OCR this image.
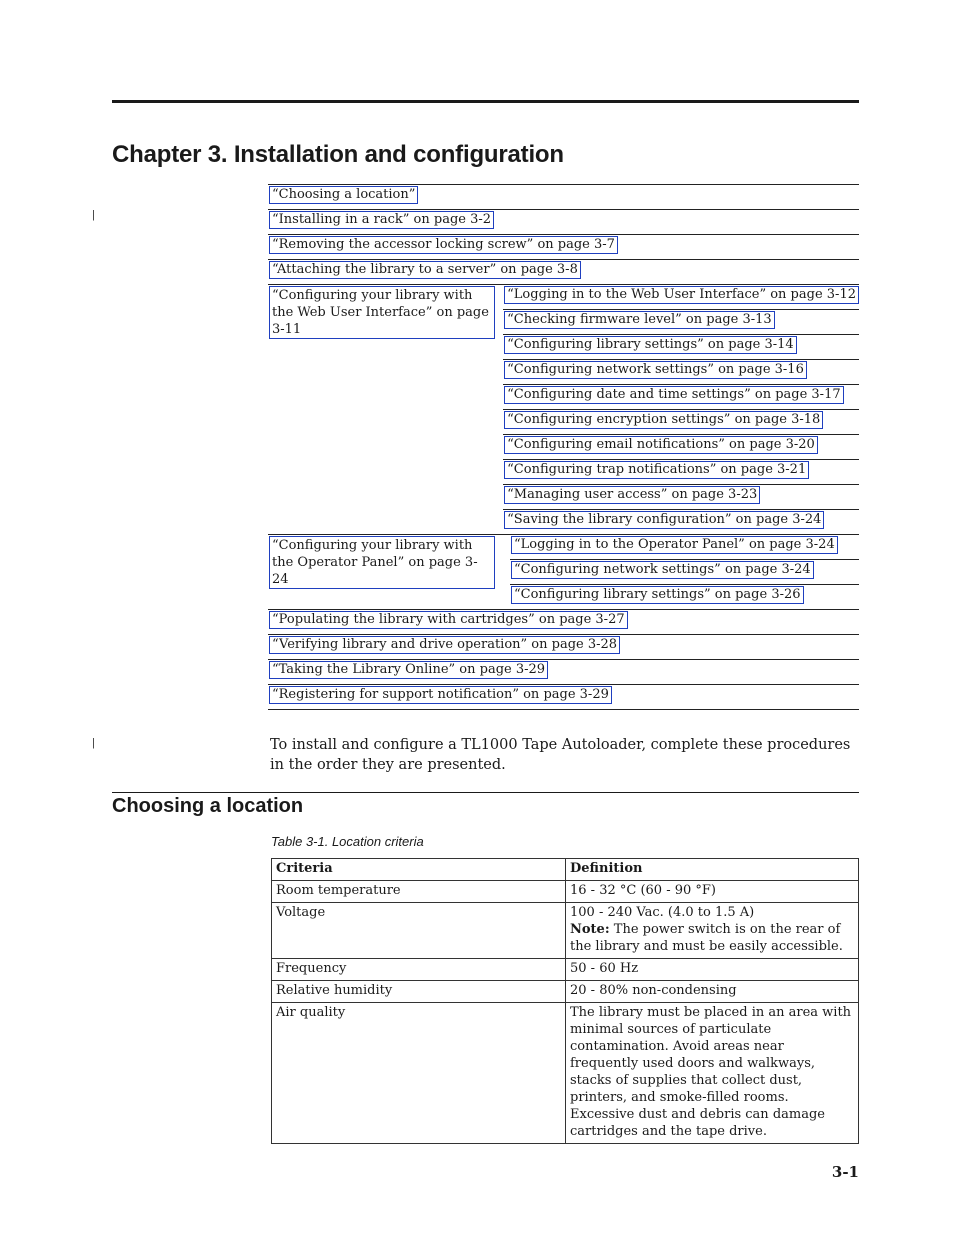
Chapter 3. Installation and configuration
|
|
“Choosing a location”
“Installing in a rack” on page 3-2
“Removing the accessor locking screw” on page 3-7
“Attaching the library to a server” on page 3-8
“Configuring your library with the Web User Interface” on page 3-11
“Logging in to the Web User Interface” on page 3-12
“Checking firmware level” on page 3-13
“Configuring library settings” on page 3-14
“Configuring network settings” on page 3-16
“Configuring date and time settings” on page 3-17
“Configuring encryption settings” on page 3-18
“Configuring email notifications” on page 3-20
“Configuring trap notifications” on page 3-21
“Managing user access” on page 3-23
“Saving the library configuration” on page 3-24
“Configuring your library with the Operator Panel” on page 3-24
“Logging in to the Operator Panel” on page 3-24
“Configuring network settings” on page 3-24
“Configuring library settings” on page 3-26
“Populating the library with cartridges” on page 3-27
“Verifying library and drive operation” on page 3-28
“Taking the Library Online” on page 3-29
“Registering for support notification” on page 3-29

To install and configure a TL1000 Tape Autoloader, complete these procedures in the order they are presented.

Choosing a location

Table 3-1. Location criteria

Criteria	Definition
Room temperature	16 - 32 °C (60 - 90 °F)
Voltage	100 - 240 Vac. (4.0 to 1.5 A)
Note: The power switch is on the rear of the library and must be easily accessible.

Frequency	50 - 60 Hz
Relative humidity	20 - 80% non-condensing
Air quality	The library must be placed in an area with minimal sources of particulate contamination. Avoid areas near frequently used doors and walkways, stacks of supplies that collect dust, printers, and smoke-filled rooms. Excessive dust and debris can damage cartridges and the tape drive.

3-1
